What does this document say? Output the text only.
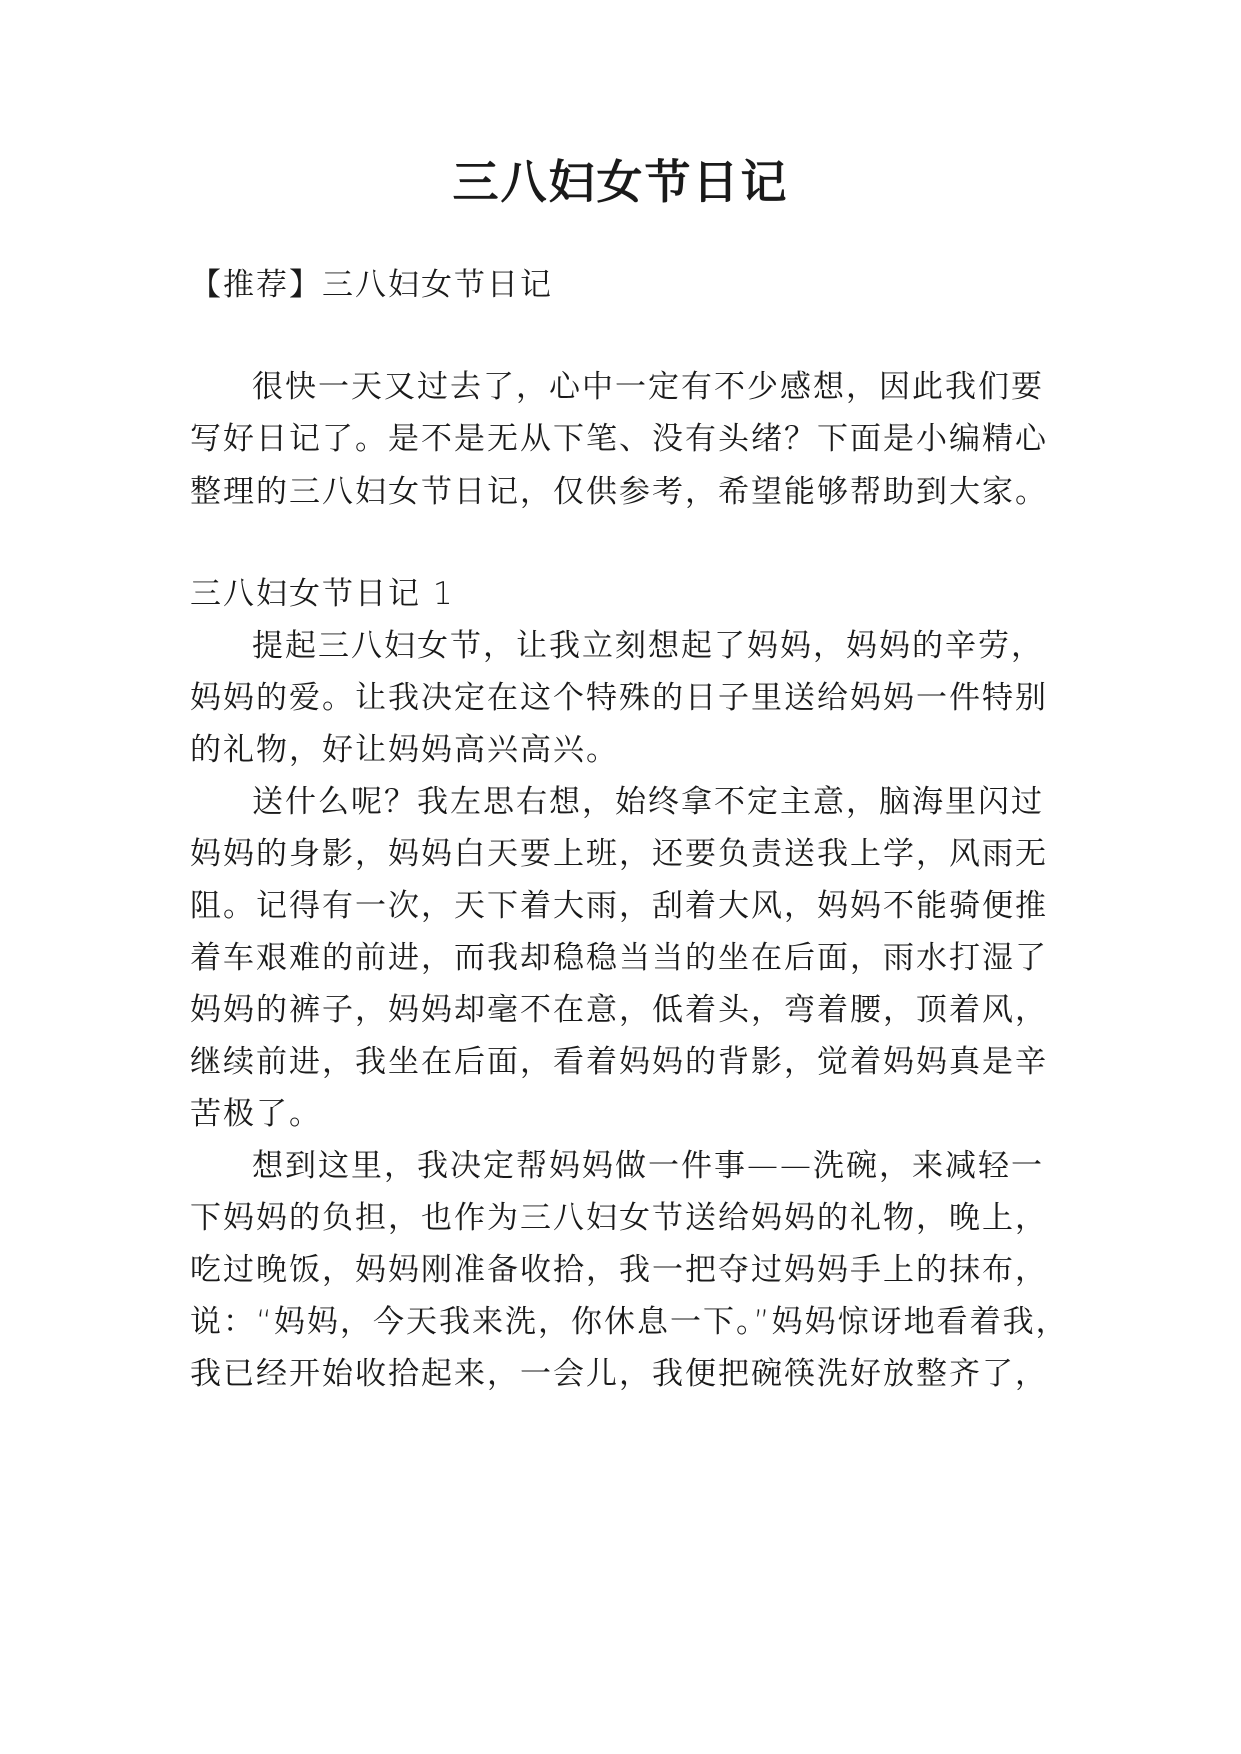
三八妇女节日记
【推荐】三八妇女节日记
很快一天又过去了，心中一定有不少感想，因此我们要
写好日记了。是不是无从下笔、没有头绪？下面是小编精心
整理的三八妇女节日记，仅供参考，希望能够帮助到大家。
三八妇女节日记 1
提起三八妇女节，让我立刻想起了妈妈，妈妈的辛劳，
妈妈的爱。让我决定在这个特殊的日子里送给妈妈一件特别
的礼物，好让妈妈高兴高兴。
送什么呢？我左思右想，始终拿不定主意，脑海里闪过
妈妈的身影，妈妈白天要上班，还要负责送我上学，风雨无
阻。记得有一次，天下着大雨，刮着大风，妈妈不能骑便推
着车艰难的前进，而我却稳稳当当的坐在后面，雨水打湿了
妈妈的裤子，妈妈却毫不在意，低着头，弯着腰，顶着风，
继续前进，我坐在后面，看着妈妈的背影，觉着妈妈真是辛
苦极了。
想到这里，我决定帮妈妈做一件事——洗碗，来减轻一
下妈妈的负担，也作为三八妇女节送给妈妈的礼物，晚上，
吃过晚饭，妈妈刚准备收拾，我一把夺过妈妈手上的抹布，
说：“妈妈，今天我来洗，你休息一下。”妈妈惊讶地看着我，
我已经开始收拾起来，一会儿，我便把碗筷洗好放整齐了，
